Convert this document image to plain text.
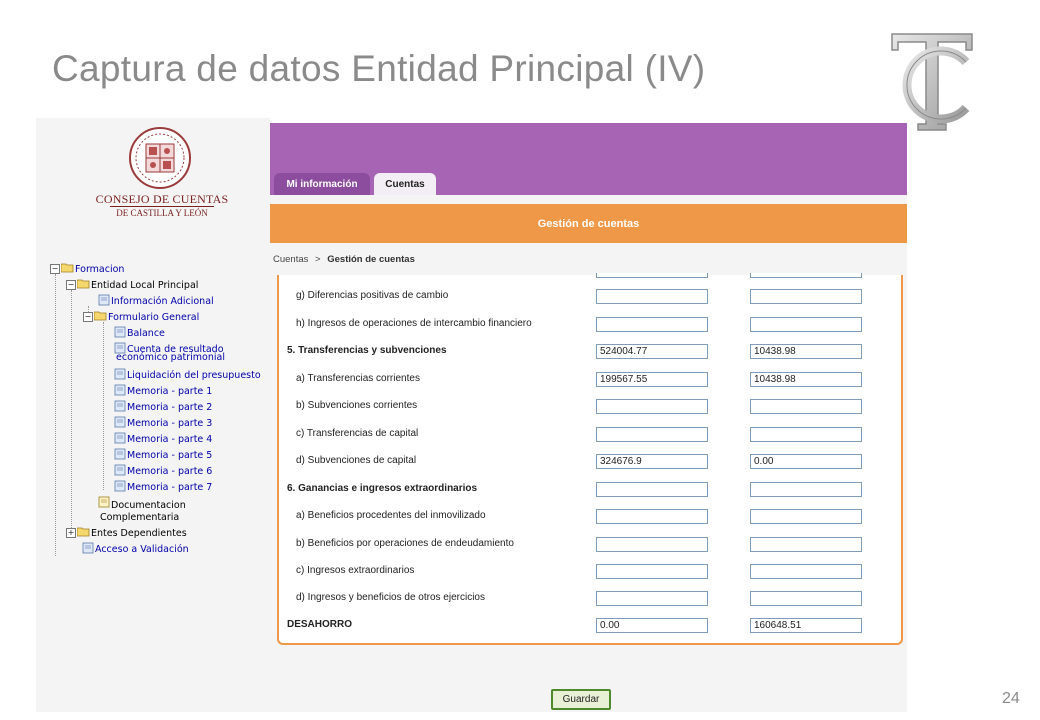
Captura de datos Entidad Principal (IV)
CONSEJO DE CUENTAS
DE CASTILLA Y LEÓN
− Formacion
− Entidad Local Principal
Información Adicional
− Formulario General
Balance
Cuenta de resultado
económico patrimonial
Liquidación del presupuesto
Memoria - parte 1
Memoria - parte 2
Memoria - parte 3
Memoria - parte 4
Memoria - parte 5
Memoria - parte 6
Memoria - parte 7
Documentacion
Complementaria
+ Entes Dependientes
Acceso a Validación
Mi información	Cuentas
Gestión de cuentas
Cuentas > Gestión de cuentas
g) Diferencias positivas de cambio
h) Ingresos de operaciones de intercambio financiero
5. Transferencias y subvenciones	524004.77	10438.98
a) Transferencias corrientes	199567.55	10438.98
b) Subvenciones corrientes
c) Transferencias de capital
d) Subvenciones de capital	324676.9	0.00
6. Ganancias e ingresos extraordinarios
a) Beneficios procedentes del inmovilizado
b) Beneficios por operaciones de endeudamiento
c) Ingresos extraordinarios
d) Ingresos y beneficios de otros ejercicios
DESAHORRO	0.00	160648.51
Guardar	24
